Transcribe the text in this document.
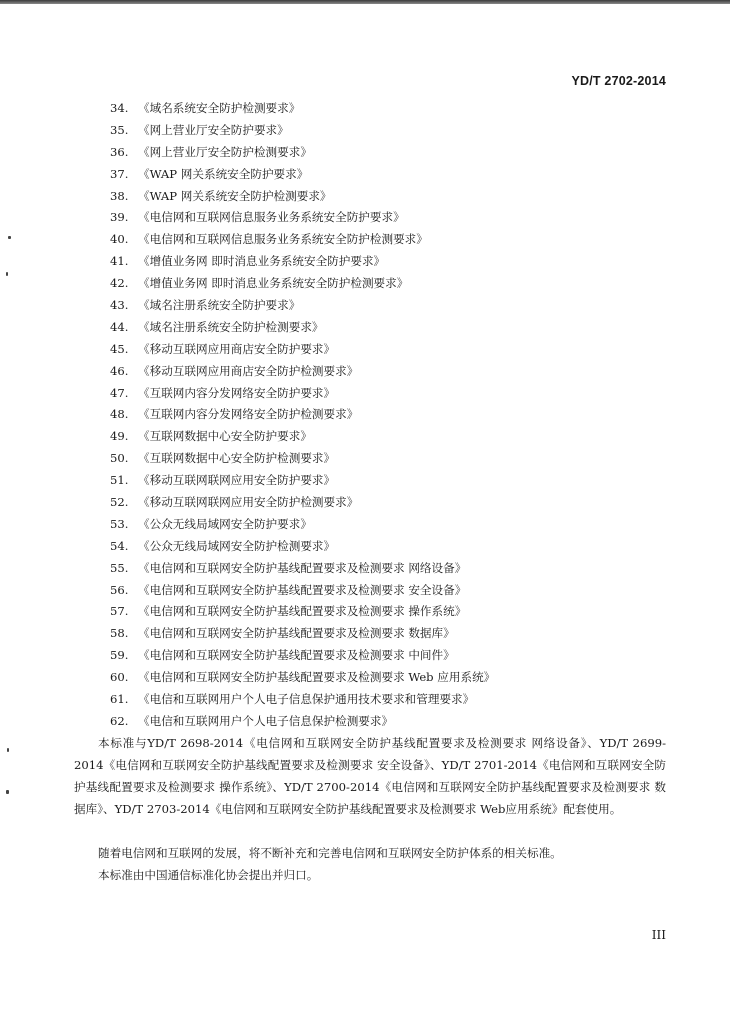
YD/T 2702-2014
34. 《域名系统安全防护检测要求》
35. 《网上营业厅安全防护要求》
36. 《网上营业厅安全防护检测要求》
37. 《WAP 网关系统安全防护要求》
38. 《WAP 网关系统安全防护检测要求》
39. 《电信网和互联网信息服务业务系统安全防护要求》
40. 《电信网和互联网信息服务业务系统安全防护检测要求》
41. 《增值业务网 即时消息业务系统安全防护要求》
42. 《增值业务网 即时消息业务系统安全防护检测要求》
43. 《域名注册系统安全防护要求》
44. 《域名注册系统安全防护检测要求》
45. 《移动互联网应用商店安全防护要求》
46. 《移动互联网应用商店安全防护检测要求》
47. 《互联网内容分发网络安全防护要求》
48. 《互联网内容分发网络安全防护检测要求》
49. 《互联网数据中心安全防护要求》
50. 《互联网数据中心安全防护检测要求》
51. 《移动互联网联网应用安全防护要求》
52. 《移动互联网联网应用安全防护检测要求》
53. 《公众无线局域网安全防护要求》
54. 《公众无线局域网安全防护检测要求》
55. 《电信网和互联网安全防护基线配置要求及检测要求 网络设备》
56. 《电信网和互联网安全防护基线配置要求及检测要求 安全设备》
57. 《电信网和互联网安全防护基线配置要求及检测要求 操作系统》
58. 《电信网和互联网安全防护基线配置要求及检测要求 数据库》
59. 《电信网和互联网安全防护基线配置要求及检测要求 中间件》
60. 《电信网和互联网安全防护基线配置要求及检测要求 Web 应用系统》
61. 《电信和互联网用户个人电子信息保护通用技术要求和管理要求》
62. 《电信和互联网用户个人电子信息保护检测要求》

本标准与YD/T 2698-2014《电信网和互联网安全防护基线配置要求及检测要求 网络设备》、YD/T 2699-2014《电信网和互联网安全防护基线配置要求及检测要求 安全设备》、YD/T 2701-2014《电信网和互联网安全防护基线配置要求及检测要求 操作系统》、YD/T 2700-2014《电信网和互联网安全防护基线配置要求及检测要求 数据库》、YD/T 2703-2014《电信网和互联网安全防护基线配置要求及检测要求 Web应用系统》配套使用。

随着电信网和互联网的发展，将不断补充和完善电信网和互联网安全防护体系的相关标准。

本标准由中国通信标准化协会提出并归口。

III
